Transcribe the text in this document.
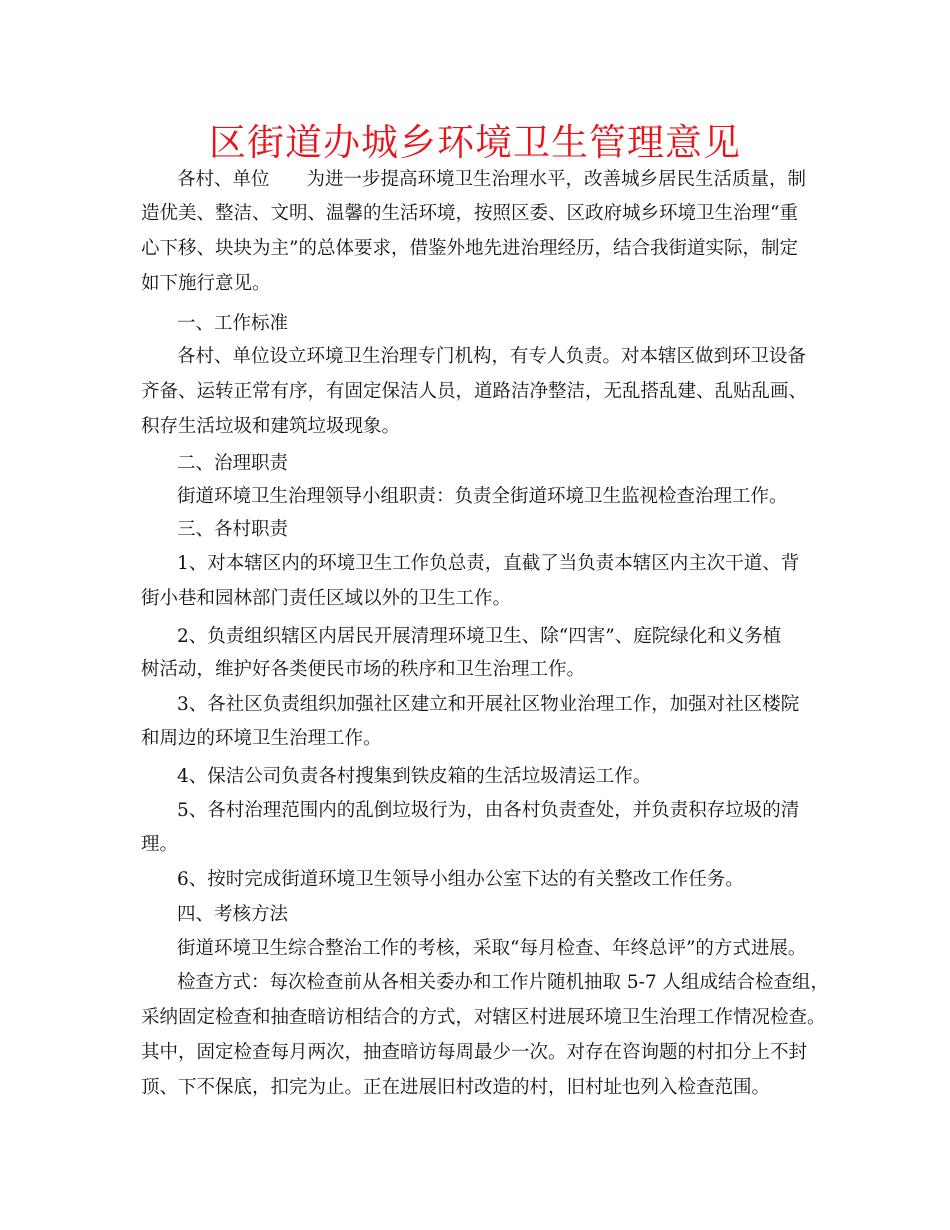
区街道办城乡环境卫生管理意见
各村、单位　　为进一步提高环境卫生治理水平，改善城乡居民生活质量，制
造优美、整洁、文明、温馨的生活环境，按照区委、区政府城乡环境卫生治理“重
心下移、块块为主”的总体要求，借鉴外地先进治理经历，结合我街道实际，制定
如下施行意见。
一、工作标准
各村、单位设立环境卫生治理专门机构，有专人负责。对本辖区做到环卫设备
齐备、运转正常有序，有固定保洁人员，道路洁净整洁，无乱搭乱建、乱贴乱画、
积存生活垃圾和建筑垃圾现象。
二、治理职责
街道环境卫生治理领导小组职责：负责全街道环境卫生监视检查治理工作。
三、各村职责
1、对本辖区内的环境卫生工作负总责，直截了当负责本辖区内主次干道、背
街小巷和园林部门责任区域以外的卫生工作。
2、负责组织辖区内居民开展清理环境卫生、除“四害”、庭院绿化和义务植
树活动，维护好各类便民市场的秩序和卫生治理工作。
3、各社区负责组织加强社区建立和开展社区物业治理工作，加强对社区楼院
和周边的环境卫生治理工作。
4、保洁公司负责各村搜集到铁皮箱的生活垃圾清运工作。
5、各村治理范围内的乱倒垃圾行为，由各村负责查处，并负责积存垃圾的清
理。
6、按时完成街道环境卫生领导小组办公室下达的有关整改工作任务。
四、考核方法
街道环境卫生综合整治工作的考核，采取“每月检查、年终总评”的方式进展。
检查方式：每次检查前从各相关委办和工作片随机抽取 5-7 人组成结合检查组，
采纳固定检查和抽查暗访相结合的方式，对辖区村进展环境卫生治理工作情况检查。
其中，固定检查每月两次，抽查暗访每周最少一次。对存在咨询题的村扣分上不封
顶、下不保底，扣完为止。正在进展旧村改造的村，旧村址也列入检查范围。
